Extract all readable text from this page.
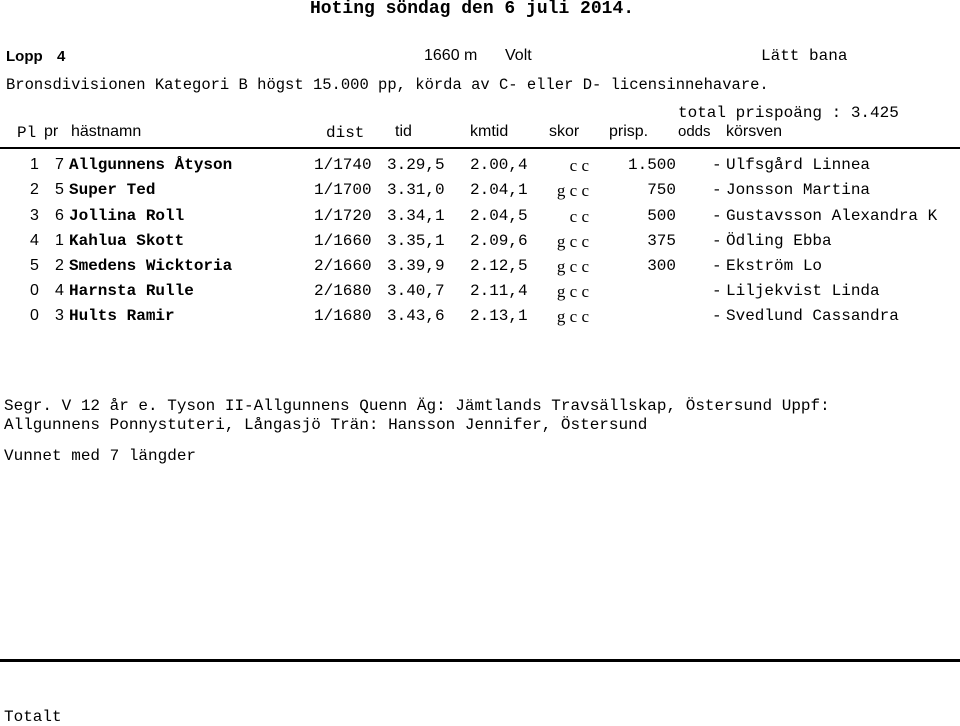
Hoting söndag den 6 juli 2014.
Lopp 4	1660 m Volt	Lätt bana
Bronsdivisionen Kategori B högst 15.000 pp, körda av C- eller D- licensinnehavare.
total prispoäng : 3.425
Pl pr hästnamn	dist tid	kmtid	skor prisp. odds körsven
1 7 Allgunnens Åtyson	1/1740 3.29,5 2.00,4	c c	1.500 - Ulfsgård Linnea
2 5 Super Ted	1/1700 3.31,0 2.04,1	g c c	750 - Jonsson Martina
3 6 Jollina Roll	1/1720 3.34,1 2.04,5	c c	500 - Gustavsson Alexandra K
4 1 Kahlua Skott	1/1660 3.35,1 2.09,6	g c c	375 - Ödling Ebba
5 2 Smedens Wicktoria	2/1660 3.39,9 2.12,5	g c c	300 - Ekström Lo
0 4 Harnsta Rulle	2/1680 3.40,7 2.11,4	g c c	- Liljekvist Linda
0 3 Hults Ramir	1/1680 3.43,6 2.13,1	g c c	- Svedlund Cassandra
Segr. V 12 år e. Tyson II-Allgunnens Quenn Äg: Jämtlands Travsällskap, Östersund Uppf:
Allgunnens Ponnystuteri, Långasjö Trän: Hansson Jennifer, Östersund
Vunnet med 7 längder
Totalt
